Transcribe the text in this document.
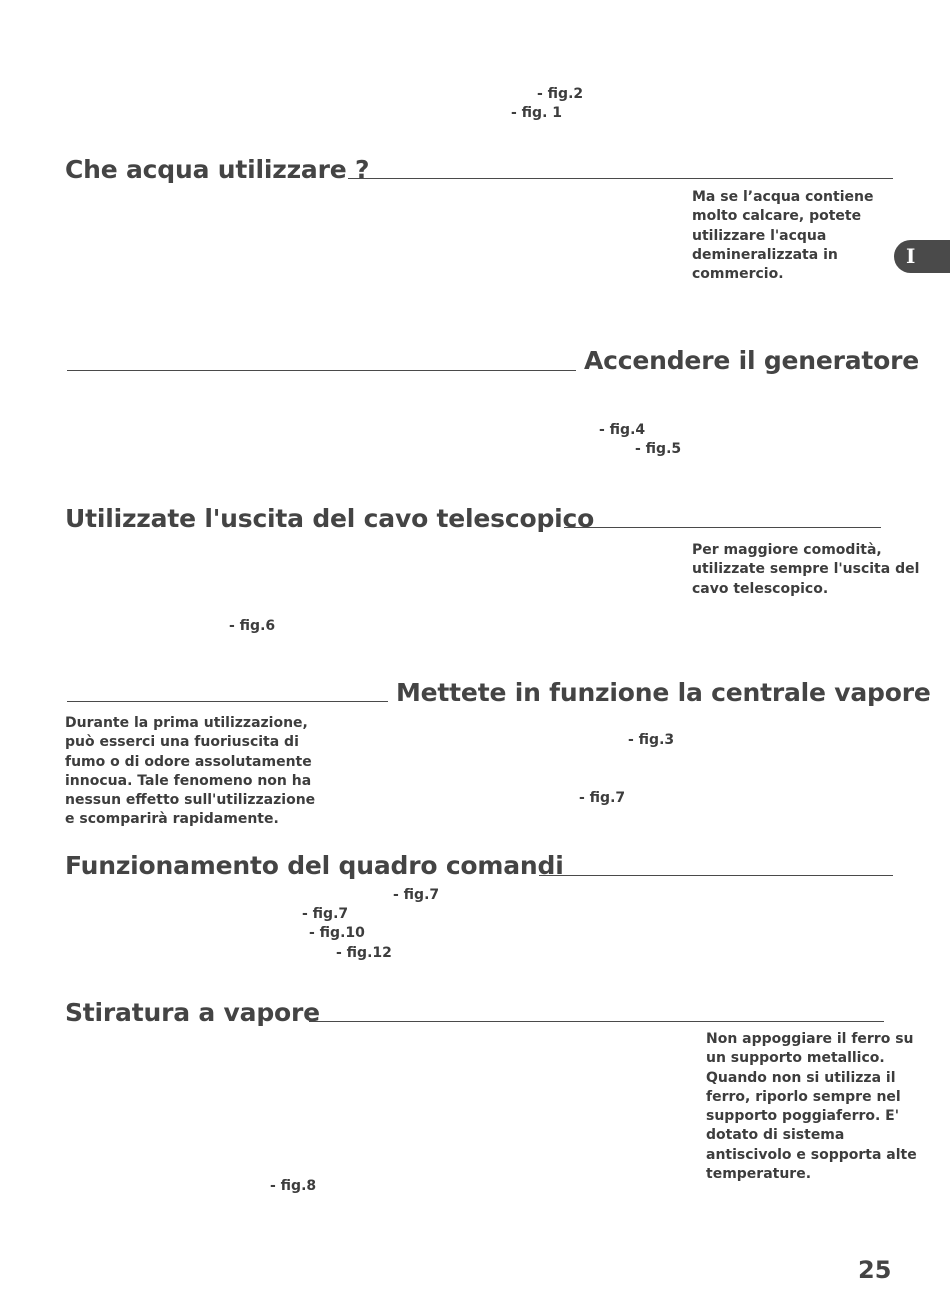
- fig.2
- fig. 1
Che acqua utilizzare ?
Ma se l’acqua contiene
molto calcare, potete
utilizzare l'acqua
demineralizzata in
commercio.
I
Accendere il generatore
- fig.4
- fig.5
Utilizzate l'uscita del cavo telescopico
Per maggiore comodità,
utilizzate sempre l'uscita del
cavo telescopico.
- fig.6
Mettete in funzione la centrale vapore
Durante la prima utilizzazione,
può esserci una fuoriuscita di
fumo o di odore assolutamente
innocua. Tale fenomeno non ha
nessun effetto sull'utilizzazione
e scomparirà rapidamente.
- fig.3
- fig.7
Funzionamento del quadro comandi
- fig.7
- fig.7
- fig.10
- fig.12
Stiratura a vapore
Non appoggiare il ferro su
un supporto metallico.
Quando non si utilizza il
ferro, riporlo sempre nel
supporto poggiaferro. E'
dotato di sistema
antiscivolo e sopporta alte
temperature.
- fig.8
25
